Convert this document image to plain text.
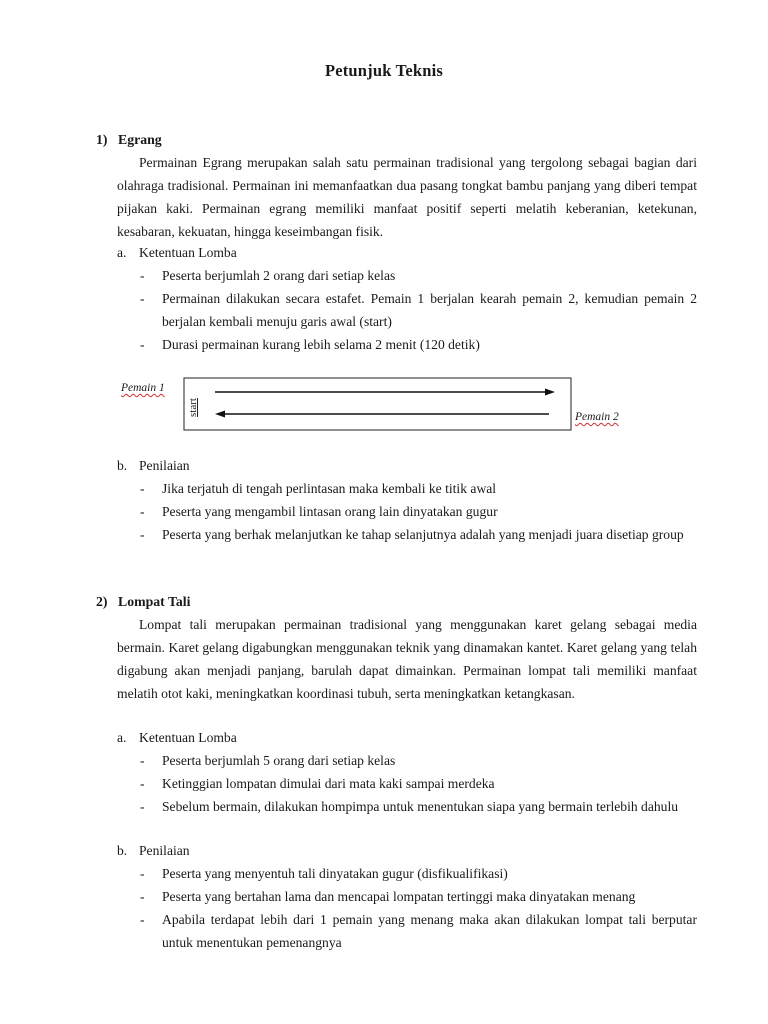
Petunjuk Teknis
1) Egrang

Permainan Egrang merupakan salah satu permainan tradisional yang tergolong sebagai bagian dari olahraga tradisional. Permainan ini memanfaatkan dua pasang tongkat bambu panjang yang diberi tempat pijakan kaki. Permainan egrang memiliki manfaat positif seperti melatih keberanian, ketekunan, kesabaran, kekuatan, hingga keseimbangan fisik.

a. Ketentuan Lomba
- Peserta berjumlah 2 orang dari setiap kelas
- Permainan dilakukan secara estafet. Pemain 1 berjalan kearah pemain 2, kemudian pemain 2 berjalan kembali menuju garis awal (start)
- Durasi permainan kurang lebih selama 2 menit (120 detik)
Pemain 1
Pemain 2
start
b. Penilaian
- Jika terjatuh di tengah perlintasan maka kembali ke titik awal
- Peserta yang mengambil lintasan orang lain dinyatakan gugur
- Peserta yang berhak melanjutkan ke tahap selanjutnya adalah yang menjadi juara disetiap group
2) Lompat Tali

Lompat tali merupakan permainan tradisional yang menggunakan karet gelang sebagai media bermain. Karet gelang digabungkan menggunakan teknik yang dinamakan kantet. Karet gelang yang telah digabung akan menjadi panjang, barulah dapat dimainkan. Permainan lompat tali memiliki manfaat melatih otot kaki, meningkatkan koordinasi tubuh, serta meningkatkan ketangkasan.

a. Ketentuan Lomba
- Peserta berjumlah 5 orang dari setiap kelas
- Ketinggian lompatan dimulai dari mata kaki sampai merdeka
- Sebelum bermain, dilakukan hompimpa untuk menentukan siapa yang bermain terlebih dahulu
b. Penilaian
- Peserta yang menyentuh tali dinyatakan gugur (disfikualifikasi)
- Peserta yang bertahan lama dan mencapai lompatan tertinggi maka dinyatakan menang
- Apabila terdapat lebih dari 1 pemain yang menang maka akan dilakukan lompat tali berputar untuk menentukan pemenangnya
